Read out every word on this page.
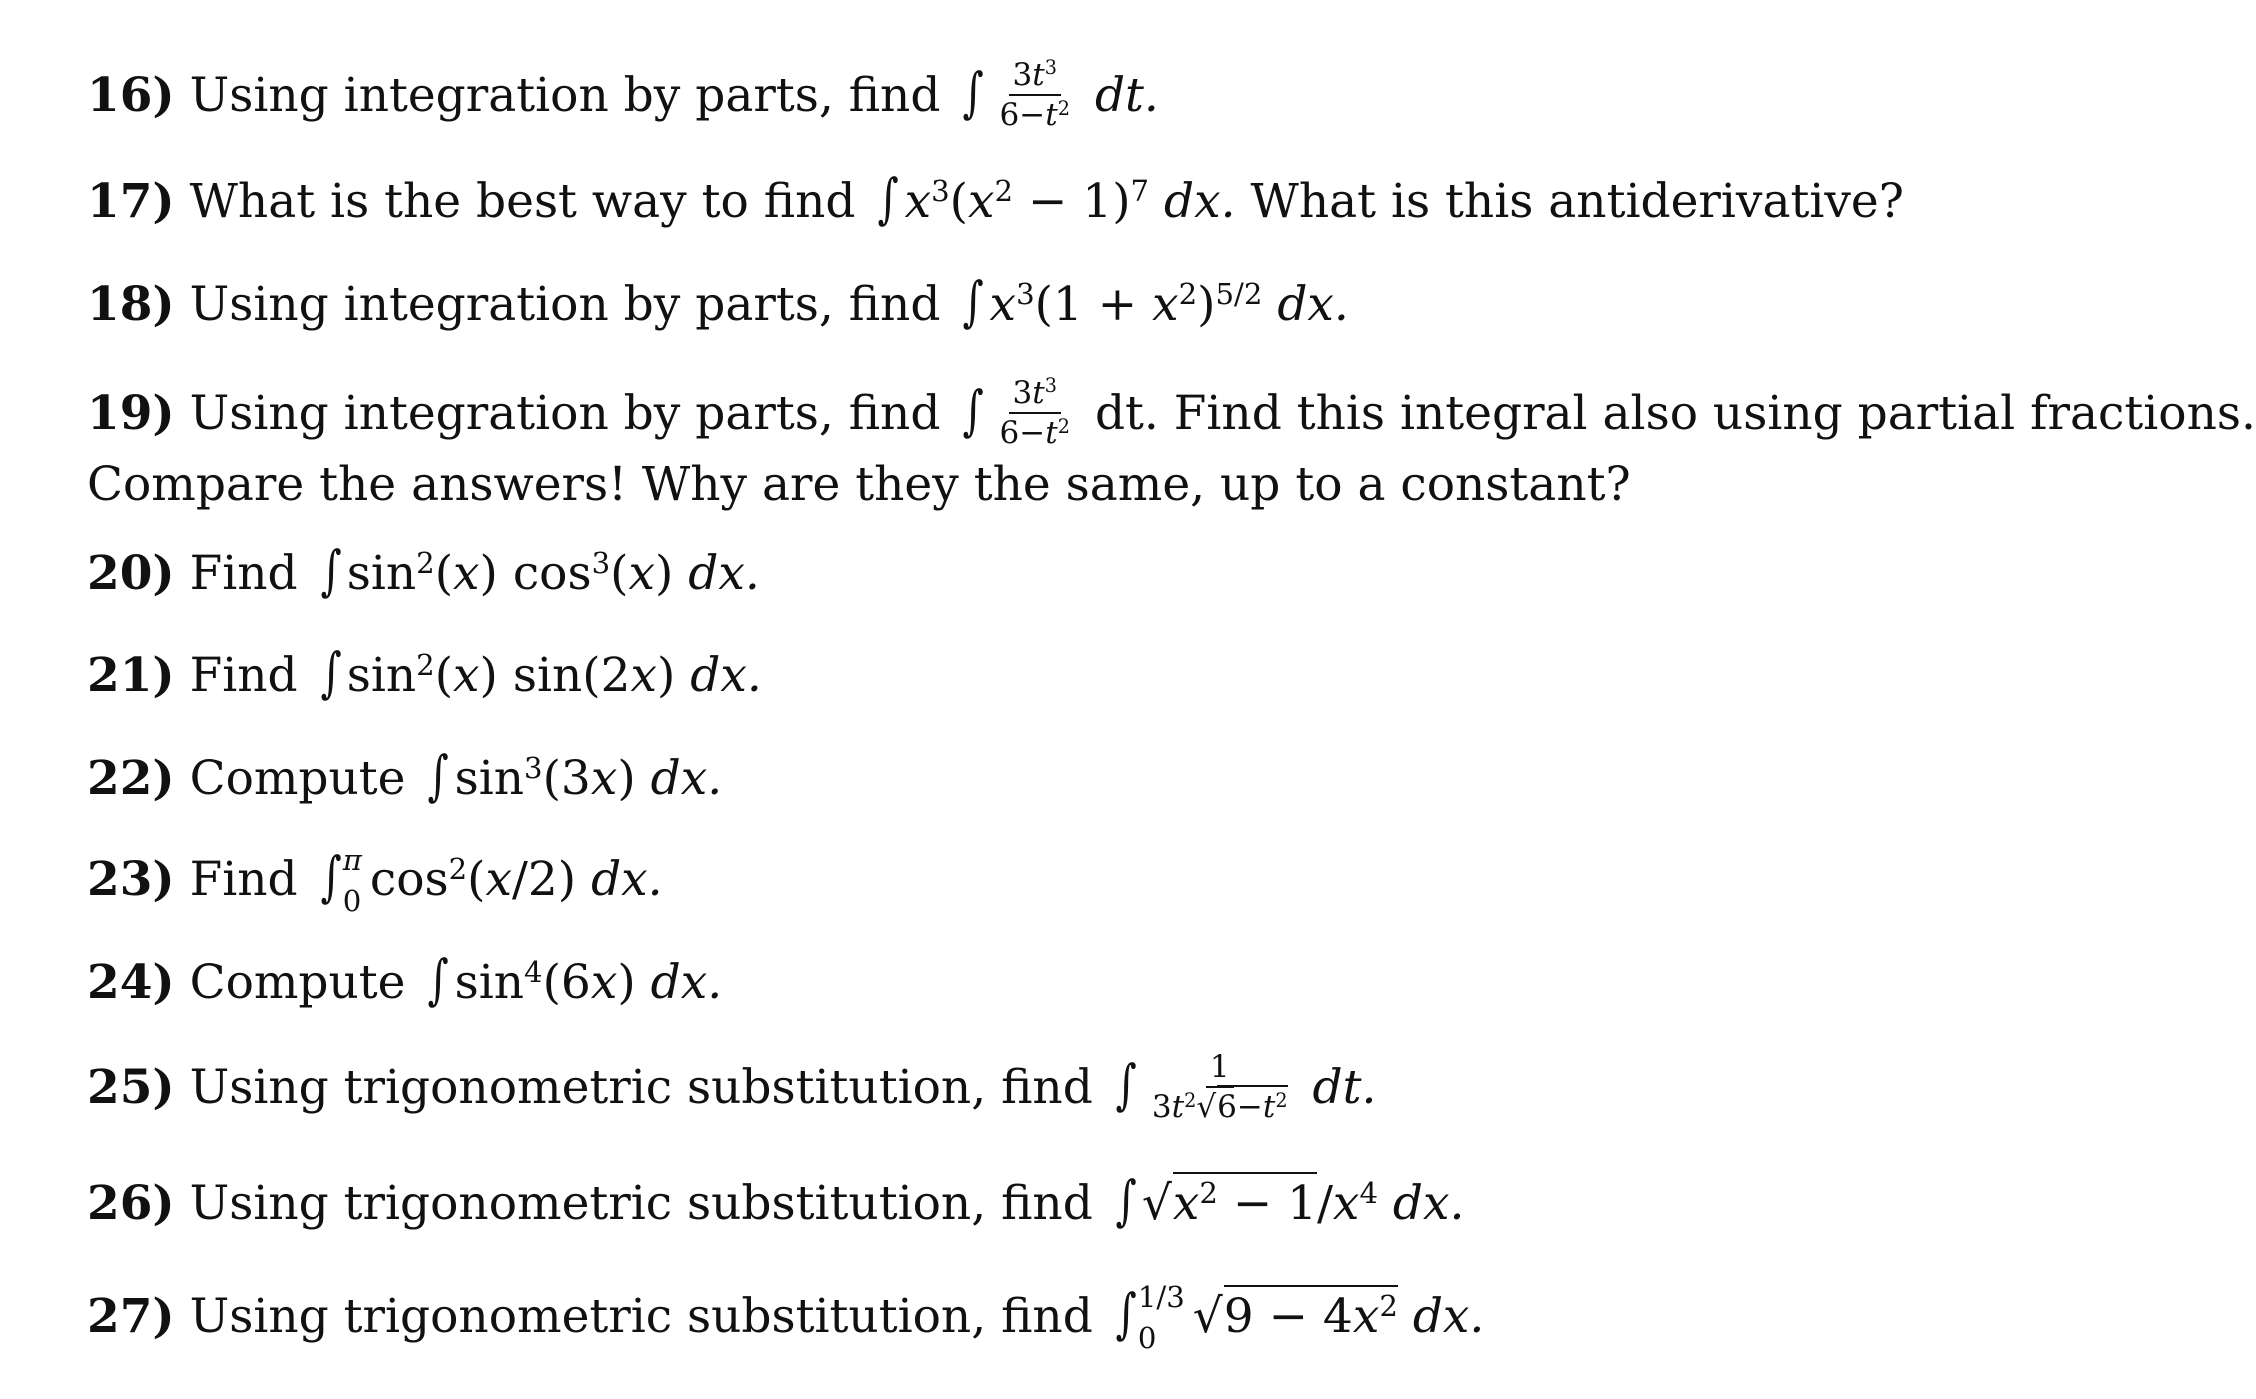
16) Using integration by parts, find ∫ $\frac{3t^3}{6-t^2}$ dt.
17) What is the best way to find ∫ $x^3(x^2 - 1)^7$ dx. What is this antiderivative?
18) Using integration by parts, find ∫ $x^3(1 + x^2)^{5/2}$ dx.
19) Using integration by parts, find ∫ $\frac{3t^3}{6-t^2}$ dt. Find this integral also using partial fractions.
Compare the answers! Why are they the same, up to a constant?
20) Find ∫ $\sin^2(x)$ $\cos^3(x)$ dx.
21) Find ∫ $\sin^2(x)$ sin(2x) dx.
22) Compute ∫ $\sin^3(3x)$ dx.
23) Find ∫ π
0 $\cos^2(x/2)$ dx.
24) Compute ∫ $\sin^4(6x)$ dx.
25) Using trigonometric substitution, find ∫ $\frac{1}{3t^2√6-t^2}$ dt.
26) Using trigonometric substitution, find ∫ $√x^2 - 1/x^4$ dx.
27) Using trigonometric substitution, find ∫ 1/3
0 $√9 - 4x^2$ dx.
